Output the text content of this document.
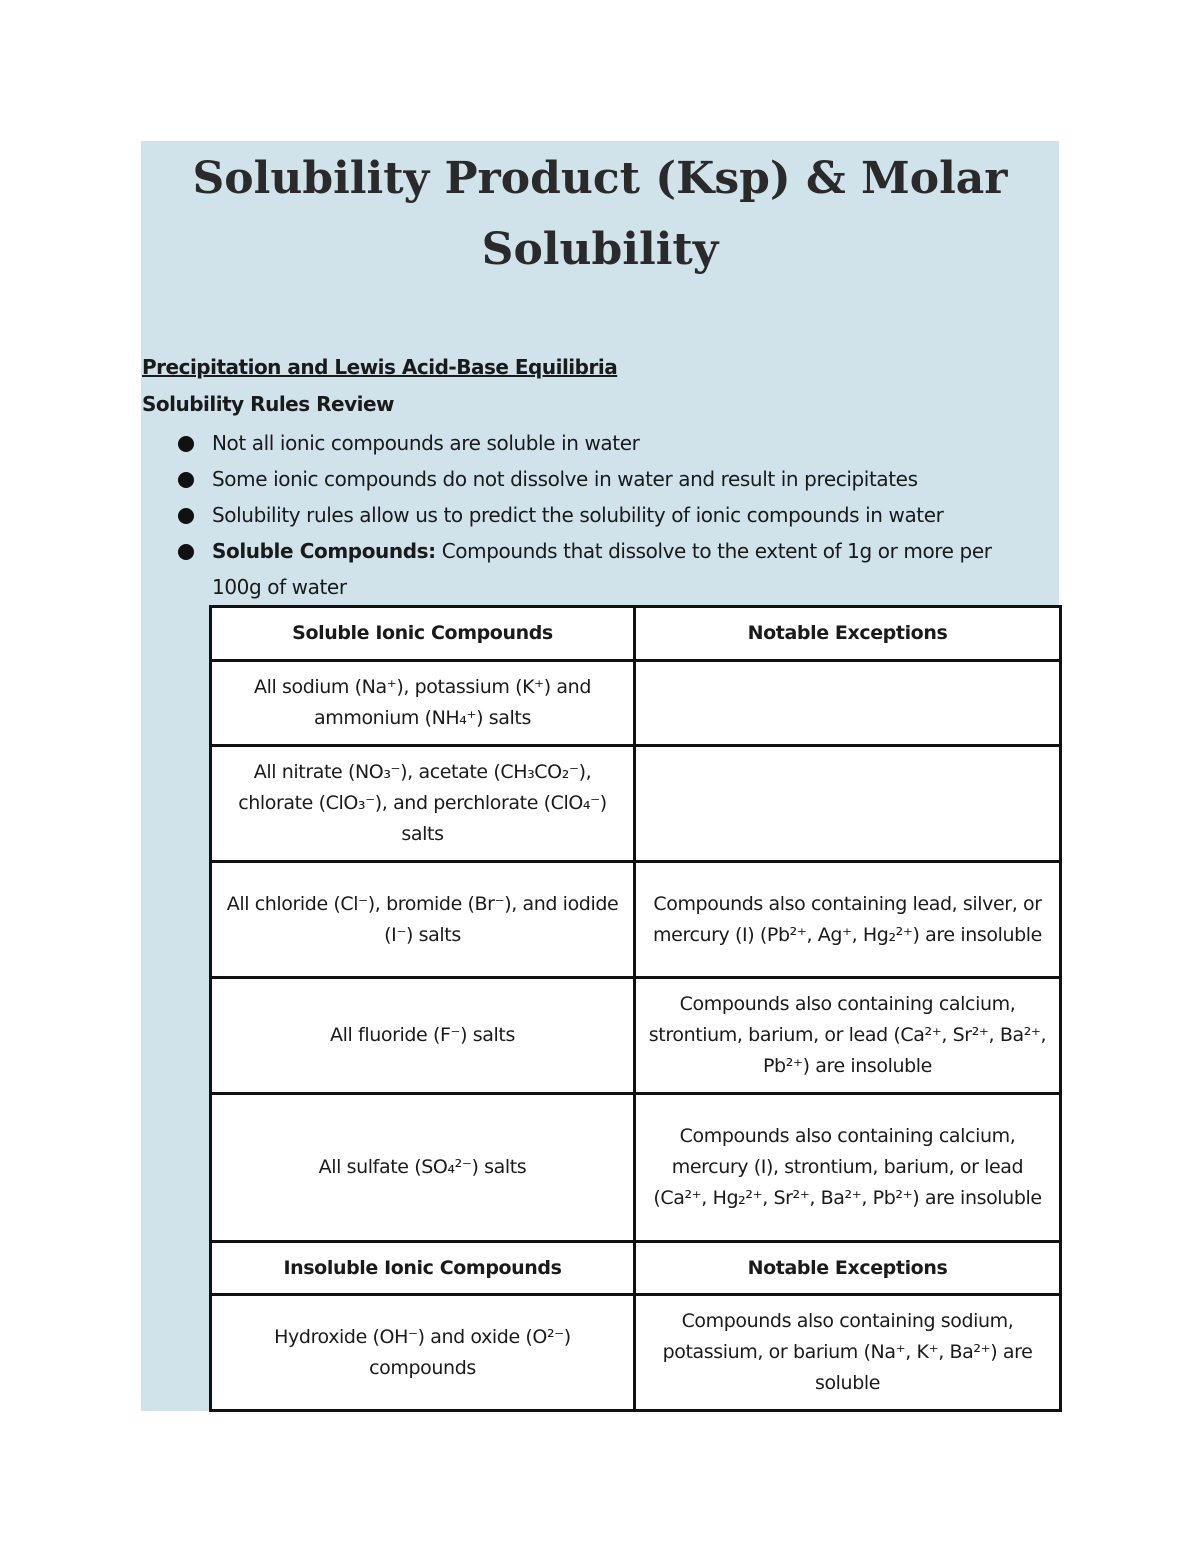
Solubility Product (Ksp) & Molar Solubility
Precipitation and Lewis Acid-Base Equilibria
Solubility Rules Review
Not all ionic compounds are soluble in water
Some ionic compounds do not dissolve in water and result in precipitates
Solubility rules allow us to predict the solubility of ionic compounds in water
Soluble Compounds: Compounds that dissolve to the extent of 1g or more per 100g of water
Soluble Ionic Compounds	Notable Exceptions
All sodium (Na⁺), potassium (K⁺) and ammonium (NH₄⁺) salts	
All nitrate (NO₃⁻), acetate (CH₃CO₂⁻), chlorate (ClO₃⁻), and perchlorate (ClO₄⁻) salts	
All chloride (Cl⁻), bromide (Br⁻), and iodide (I⁻) salts	Compounds also containing lead, silver, or mercury (I) (Pb²⁺, Ag⁺, Hg₂²⁺) are insoluble
All fluoride (F⁻) salts	Compounds also containing calcium, strontium, barium, or lead (Ca²⁺, Sr²⁺, Ba²⁺, Pb²⁺) are insoluble
All sulfate (SO₄²⁻) salts	Compounds also containing calcium, mercury (I), strontium, barium, or lead (Ca²⁺, Hg₂²⁺, Sr²⁺, Ba²⁺, Pb²⁺) are insoluble
Insoluble Ionic Compounds	Notable Exceptions
Hydroxide (OH⁻) and oxide (O²⁻) compounds	Compounds also containing sodium, potassium, or barium (Na⁺, K⁺, Ba²⁺) are soluble
